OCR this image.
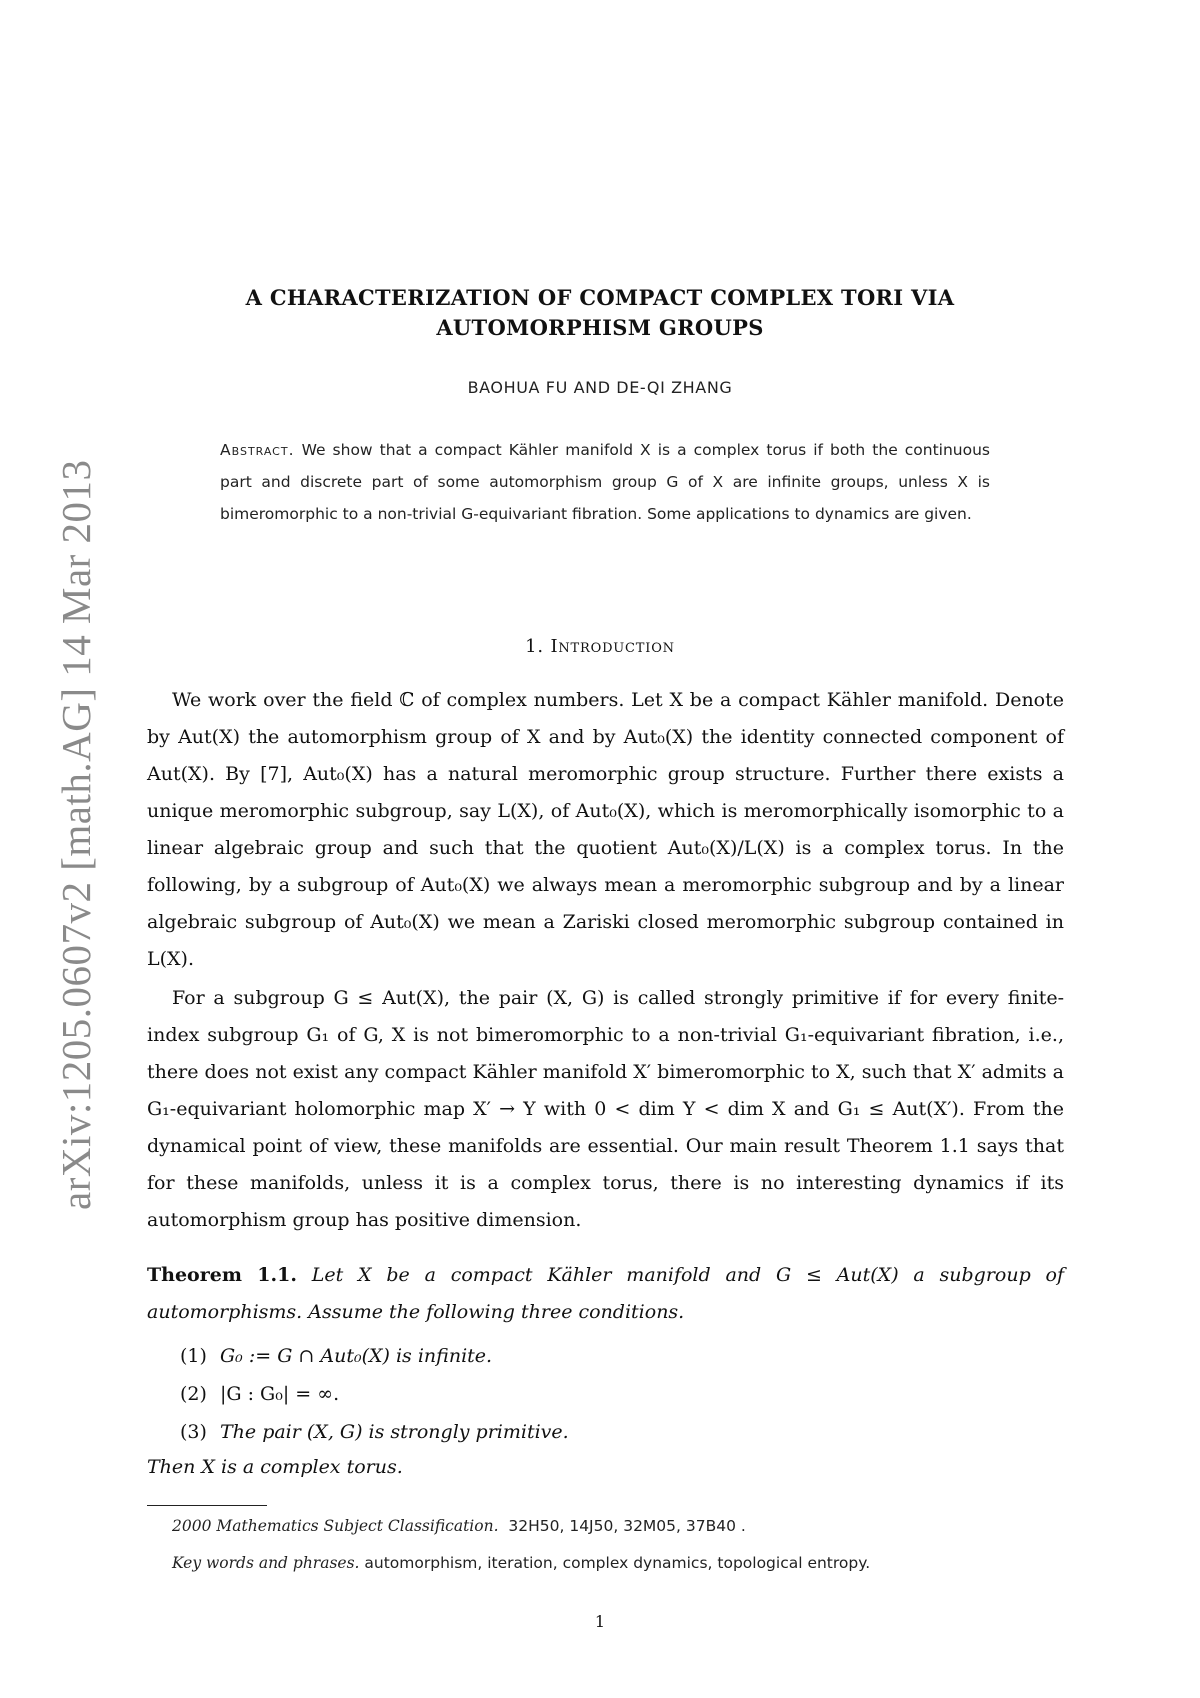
arXiv:1205.0607v2 [math.AG] 14 Mar 2013
A CHARACTERIZATION OF COMPACT COMPLEX TORI VIA
AUTOMORPHISM GROUPS
BAOHUA FU AND DE-QI ZHANG
Abstract. We show that a compact Kähler manifold X is a complex torus if both the continuous part and discrete part of some automorphism group G of X are infinite groups, unless X is bimeromorphic to a non-trivial G-equivariant fibration. Some applications to dynamics are given.
1. Introduction
We work over the field ℂ of complex numbers. Let X be a compact Kähler manifold. Denote by Aut(X) the automorphism group of X and by Aut₀(X) the identity connected component of Aut(X). By [7], Aut₀(X) has a natural meromorphic group structure. Further there exists a unique meromorphic subgroup, say L(X), of Aut₀(X), which is meromorphically isomorphic to a linear algebraic group and such that the quotient Aut₀(X)/L(X) is a complex torus. In the following, by a subgroup of Aut₀(X) we always mean a meromorphic subgroup and by a linear algebraic subgroup of Aut₀(X) we mean a Zariski closed meromorphic subgroup contained in L(X).
For a subgroup G ≤ Aut(X), the pair (X, G) is called strongly primitive if for every finite-index subgroup G₁ of G, X is not bimeromorphic to a non-trivial G₁-equivariant fibration, i.e., there does not exist any compact Kähler manifold X′ bimeromorphic to X, such that X′ admits a G₁-equivariant holomorphic map X′ → Y with 0 < dim Y < dim X and G₁ ≤ Aut(X′). From the dynamical point of view, these manifolds are essential. Our main result Theorem 1.1 says that for these manifolds, unless it is a complex torus, there is no interesting dynamics if its automorphism group has positive dimension.
Theorem 1.1. Let X be a compact Kähler manifold and G ≤ Aut(X) a subgroup of automorphisms. Assume the following three conditions.
(1) G₀ := G ∩ Aut₀(X) is infinite.
(2) |G : G₀| = ∞.
(3) The pair (X, G) is strongly primitive.
Then X is a complex torus.
2000 Mathematics Subject Classification. 32H50, 14J50, 32M05, 37B40 .
Key words and phrases. automorphism, iteration, complex dynamics, topological entropy.
1
